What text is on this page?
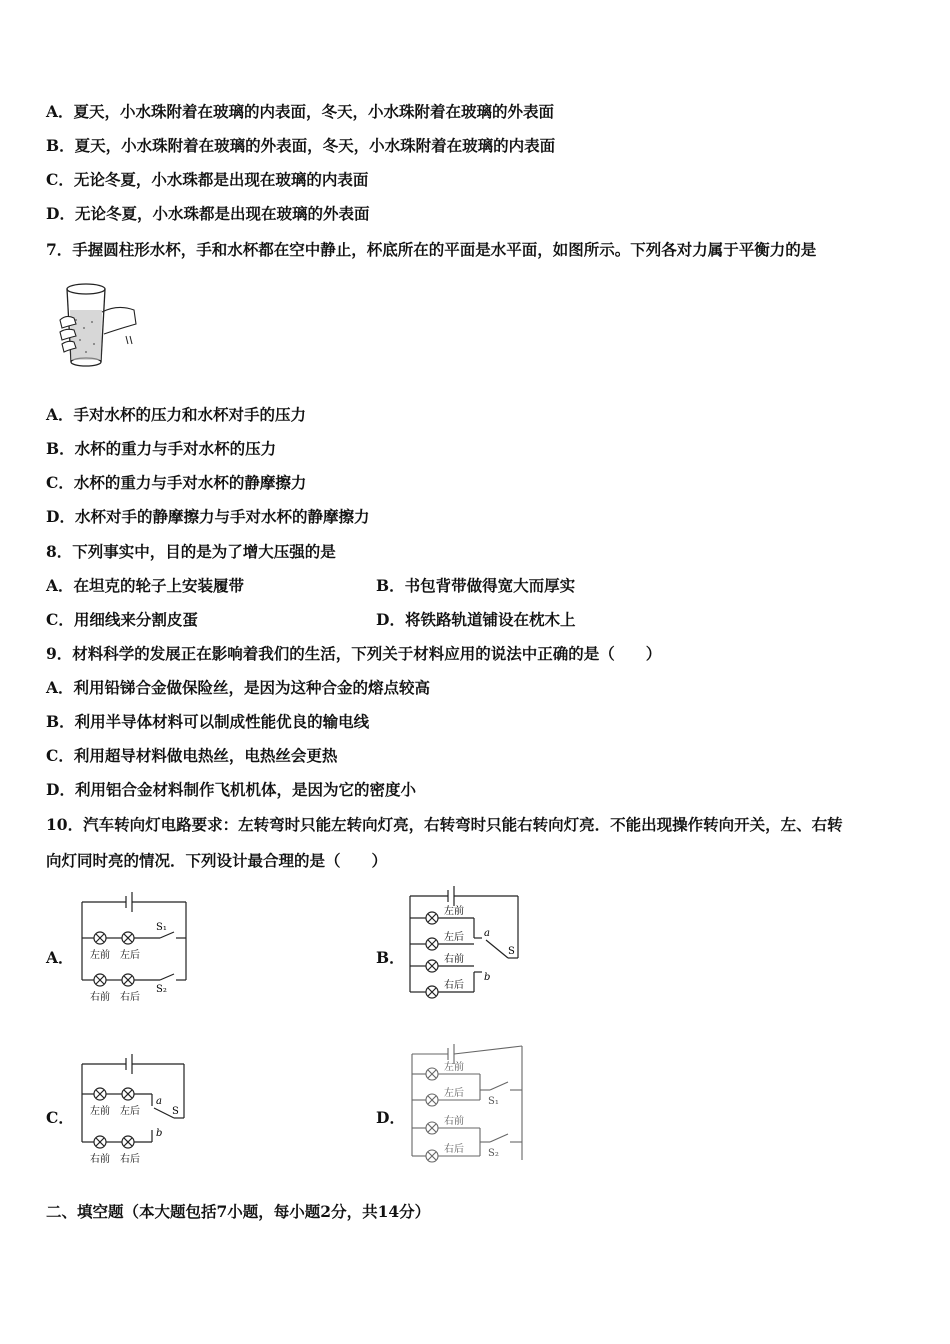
A．夏天，小水珠附着在玻璃的内表面，冬天，小水珠附着在玻璃的外表面
B．夏天，小水珠附着在玻璃的外表面，冬天，小水珠附着在玻璃的内表面
C．无论冬夏，小水珠都是出现在玻璃的内表面
D．无论冬夏，小水珠都是出现在玻璃的外表面
7．手握圆柱形水杯，手和水杯都在空中静止，杯底所在的平面是水平面，如图所示。下列各对力属于平衡力的是
A．手对水杯的压力和水杯对手的压力
B．水杯的重力与手对水杯的压力
C．水杯的重力与手对水杯的静摩擦力
D．水杯对手的静摩擦力与手对水杯的静摩擦力
8．下列事实中，目的是为了增大压强的是
A．在坦克的轮子上安装履带	B．书包背带做得宽大而厚实
C．用细线来分割皮蛋	D．将铁路轨道铺设在枕木上
9．材料科学的发展正在影响着我们的生活，下列关于材料应用的说法中正确的是（　　）
A．利用铅锑合金做保险丝，是因为这种合金的熔点较高
B．利用半导体材料可以制成性能优良的输电线
C．利用超导材料做电热丝，电热丝会更热
D．利用铝合金材料制作飞机机体，是因为它的密度小
10．汽车转向灯电路要求：左转弯时只能左转向灯亮，右转弯时只能右转向灯亮．不能出现操作转向开关，左、右转
向灯同时亮的情况．下列设计最合理的是（　　）
A． 左前 左后
右前 右后
S₁
S₂
B．
左前
左后
右前
右后
a
b
S
C． 左前 左后
右前 右后
a
b
S	D．
左前
左后
右前
右后
S₁
S₂
二、填空题（本大题包括7小题，每小题2分，共14分）
